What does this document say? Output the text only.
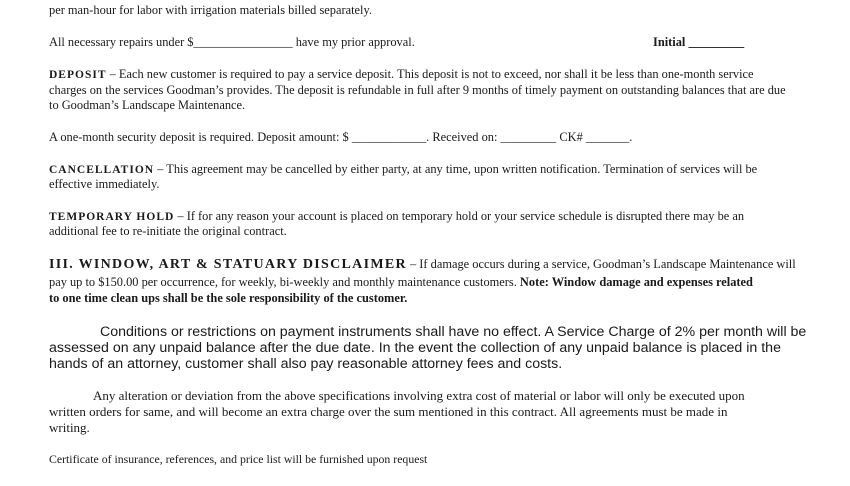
per man-hour for labor with irrigation materials billed separately.
All necessary repairs under $________________ have my prior approval.	Initial _________
DEPOSIT – Each new customer is required to pay a service deposit. This deposit is not to exceed, nor shall it be less than one-month service
charges on the services Goodman’s provides. The deposit is refundable in full after 9 months of timely payment on outstanding balances that are due
to Goodman’s Landscape Maintenance.
A one-month security deposit is required. Deposit amount: $ ____________. Received on: _________ CK# _______.
CANCELLATION – This agreement may be cancelled by either party, at any time, upon written notification. Termination of services will be
effective immediately.
TEMPORARY HOLD – If for any reason your account is placed on temporary hold or your service schedule is disrupted there may be an
additional fee to re-initiate the original contract.
III. WINDOW, ART & STATUARY DISCLAIMER – If damage occurs during a service, Goodman’s Landscape Maintenance will
pay up to $150.00 per occurrence, for weekly, bi-weekly and monthly maintenance customers. Note: Window damage and expenses related
to one time clean ups shall be the sole responsibility of the customer.
Conditions or restrictions on payment instruments shall have no effect. A Service Charge of 2% per month will be
assessed on any unpaid balance after the due date. In the event the collection of any unpaid balance is placed in the
hands of an attorney, customer shall also pay reasonable attorney fees and costs.
Any alteration or deviation from the above specifications involving extra cost of material or labor will only be executed upon
written orders for same, and will become an extra charge over the sum mentioned in this contract. All agreements must be made in
writing.
Certificate of insurance, references, and price list will be furnished upon request
